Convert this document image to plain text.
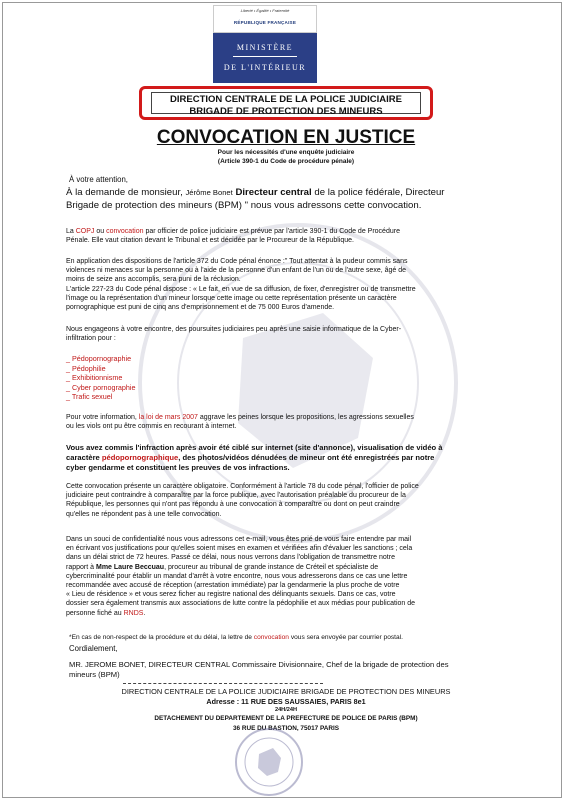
Liberté • Égalité • Fraternité
RÉPUBLIQUE FRANÇAISE
MINISTÈRE
DE L'INTÉRIEUR
DIRECTION CENTRALE DE LA POLICE JUDICIAIRE
BRIGADE DE PROTECTION DES MINEURS
CONVOCATION EN JUSTICE
Pour les nécessités d'une enquête judiciaire
(Article 390-1 du Code de procédure pénale)
À votre attention,
À la demande de monsieur, Jérôme Bonet Directeur central de la police fédérale, Directeur
Brigade de protection des mineurs (BPM) " nous vous adressons cette convocation.
La COPJ ou convocation par officier de police judiciaire est prévue par l'article 390-1 du Code de Procédure
Pénale. Elle vaut citation devant le Tribunal et est décidée par le Procureur de la République.
En application des dispositions de l'article 372 du Code pénal énonce :" Tout attentat à la pudeur commis sans
violences ni menaces sur la personne ou à l'aide de la personne d'un enfant de l'un ou de l'autre sexe, âgé de
moins de seize ans accomplis, sera puni de la réclusion.
L'article 227-23 du Code pénal dispose : « Le fait, en vue de sa diffusion, de fixer, d'enregistrer ou de transmettre
l'image ou la représentation d'un mineur lorsque cette image ou cette représentation présente un caractère
pornographique est puni de cinq ans d'emprisonnement et de 75 000 Euros d'amende.
Nous engageons à votre encontre, des poursuites judiciaires peu après une saisie informatique de la Cyber-
infiltration pour :
_ Pédopornographie
_ Pédophilie
_ Exhibitionnisme
_ Cyber pornographie
_ Trafic sexuel
Pour votre information, la loi de mars 2007 aggrave les peines lorsque les propositions, les agressions sexuelles
ou les viols ont pu être commis en recourant à internet.
Vous avez commis l'infraction après avoir été ciblé sur internet (site d'annonce), visualisation de vidéo à
caractère pédopornographique, des photos/vidéos dénudées de mineur ont été enregistrées par notre
cyber gendarme et constituent les preuves de vos infractions.
Cette convocation présente un caractère obligatoire. Conformément à l'article 78 du code pénal, l'officier de police
judiciaire peut contraindre à comparaître par la force publique, avec l'autorisation préalable du procureur de la
République, les personnes qui n'ont pas répondu à une convocation à comparaître ou dont on peut craindre
qu'elles ne répondent pas à une telle convocation.
Dans un souci de confidentialité nous vous adressons cet e-mail, vous êtes prié de vous faire entendre par mail
en écrivant vos justifications pour qu'elles soient mises en examen et vérifiées afin d'évaluer les sanctions ; cela
dans un délai strict de 72 heures. Passé ce délai, nous nous verrons dans l'obligation de transmettre notre
rapport à Mme Laure Beccuau, procureur au tribunal de grande instance de Créteil et spécialiste de
cybercriminalité pour établir un mandat d'arrêt à votre encontre, nous vous adresserons dans ce cas une lettre
recommandée avec accusé de réception (arrestation immédiate) par la gendarmerie la plus proche de votre
« Lieu de résidence » et vous serez ficher au registre national des délinquants sexuels. Dans ce cas, votre
dossier sera également transmis aux associations de lutte contre la pédophilie et aux médias pour publication de
personne fiché au RNDS.
*En cas de non-respect de la procédure et du délai, la lettre de convocation vous sera envoyée par courrier postal.
Cordialement,
MR. JEROME BONET, DIRECTEUR CENTRAL Commissaire Divisionnaire, Chef de la brigade de protection des
mineurs (BPM)
DIRECTION CENTRALE DE LA POLICE JUDICIAIRE BRIGADE DE PROTECTION DES MINEURS
Adresse : 11 RUE DES SAUSSAIES, PARIS 8e1
24H/24H
DETACHEMENT DU DEPARTEMENT DE LA PREFECTURE DE POLICE DE PARIS (BPM)
36 RUE DU BASTION, 75017 PARIS
